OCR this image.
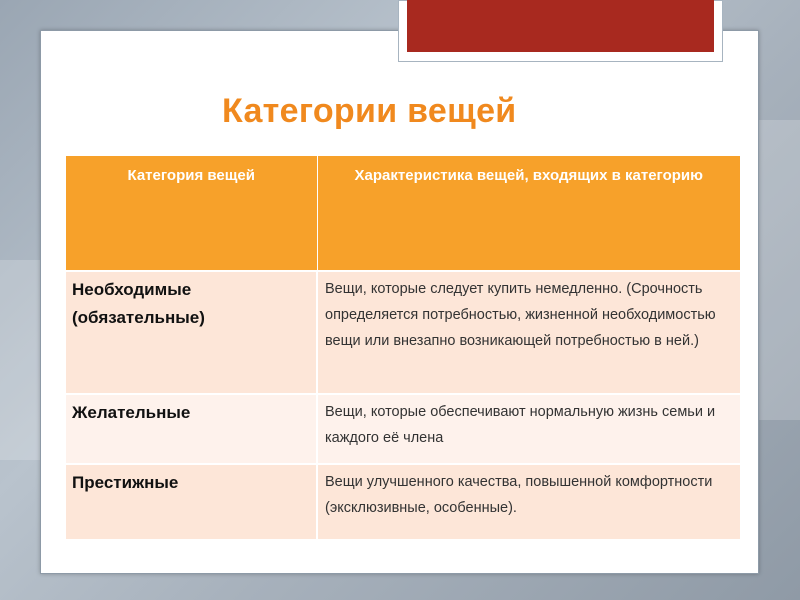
Категории вещей
Категория вещей	Характеристика вещей, входящих в категорию
Необходимые (обязательные)	Вещи, которые следует купить немедленно. (Срочность определяется потребностью, жизненной необходимостью вещи или внезапно возникающей потребностью в ней.)
Желательные	Вещи, которые обеспечивают нормальную жизнь семьи и каждого её члена
Престижные	Вещи улучшенного качества, повышенной комфортности (эксклюзивные, особенные).
